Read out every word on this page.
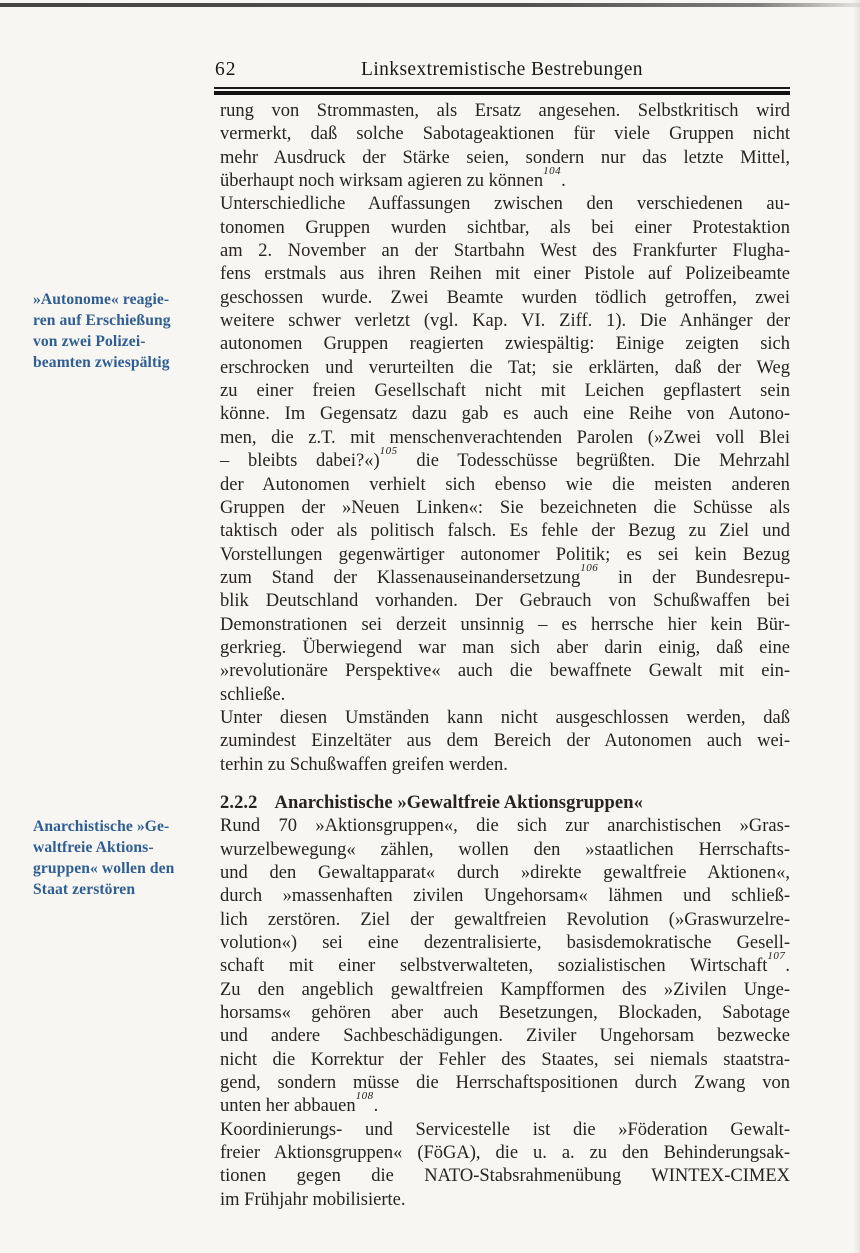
62	Linksextremistische Bestrebungen
»Autonome« reagie-
ren auf Erschießung
von zwei Polizei-
beamten zwiespältig
Anarchistische »Ge-
waltfreie Aktions-
gruppen« wollen den
Staat zerstören
rung von Strommasten, als Ersatz angesehen. Selbstkritisch wird
vermerkt, daß solche Sabotageaktionen für viele Gruppen nicht
mehr Ausdruck der Stärke seien, sondern nur das letzte Mittel,
überhaupt noch wirksam agieren zu können$^{104}$.
Unterschiedliche Auffassungen zwischen den verschiedenen au-
tonomen Gruppen wurden sichtbar, als bei einer Protestaktion
am 2. November an der Startbahn West des Frankfurter Flugha-
fens erstmals aus ihren Reihen mit einer Pistole auf Polizeibeamte
geschossen wurde. Zwei Beamte wurden tödlich getroffen, zwei
weitere schwer verletzt (vgl. Kap. VI. Ziff. 1). Die Anhänger der
autonomen Gruppen reagierten zwiespältig: Einige zeigten sich
erschrocken und verurteilten die Tat; sie erklärten, daß der Weg
zu einer freien Gesellschaft nicht mit Leichen gepflastert sein
könne. Im Gegensatz dazu gab es auch eine Reihe von Autono-
men, die z.T. mit menschenverachtenden Parolen (»Zwei voll Blei
– bleibts dabei?«)$^{105}$ die Todesschüsse begrüßten. Die Mehrzahl
der Autonomen verhielt sich ebenso wie die meisten anderen
Gruppen der »Neuen Linken«: Sie bezeichneten die Schüsse als
taktisch oder als politisch falsch. Es fehle der Bezug zu Ziel und
Vorstellungen gegenwärtiger autonomer Politik; es sei kein Bezug
zum Stand der Klassenauseinandersetzung$^{106}$ in der Bundesrepu-
blik Deutschland vorhanden. Der Gebrauch von Schußwaffen bei
Demonstrationen sei derzeit unsinnig – es herrsche hier kein Bür-
gerkrieg. Überwiegend war man sich aber darin einig, daß eine
»revolutionäre Perspektive« auch die bewaffnete Gewalt mit ein-
schließe.
Unter diesen Umständen kann nicht ausgeschlossen werden, daß
zumindest Einzeltäter aus dem Bereich der Autonomen auch wei-
terhin zu Schußwaffen greifen werden.
2.2.2 Anarchistische »Gewaltfreie Aktionsgruppen«
Rund 70 »Aktionsgruppen«, die sich zur anarchistischen »Gras-
wurzelbewegung« zählen, wollen den »staatlichen Herrschafts-
und den Gewaltapparat« durch »direkte gewaltfreie Aktionen«,
durch »massenhaften zivilen Ungehorsam« lähmen und schließ-
lich zerstören. Ziel der gewaltfreien Revolution (»Graswurzelre-
volution«) sei eine dezentralisierte, basisdemokratische Gesell-
schaft mit einer selbstverwalteten, sozialistischen Wirtschaft$^{107}$.
Zu den angeblich gewaltfreien Kampfformen des »Zivilen Unge-
horsams« gehören aber auch Besetzungen, Blockaden, Sabotage
und andere Sachbeschädigungen. Ziviler Ungehorsam bezwecke
nicht die Korrektur der Fehler des Staates, sei niemals staatstra-
gend, sondern müsse die Herrschaftspositionen durch Zwang von
unten her abbauen$^{108}$.
Koordinierungs- und Servicestelle ist die »Föderation Gewalt-
freier Aktionsgruppen« (FöGA), die u. a. zu den Behinderungsak-
tionen gegen die NATO-Stabsrahmenübung WINTEX-CIMEX
im Frühjahr mobilisierte.
